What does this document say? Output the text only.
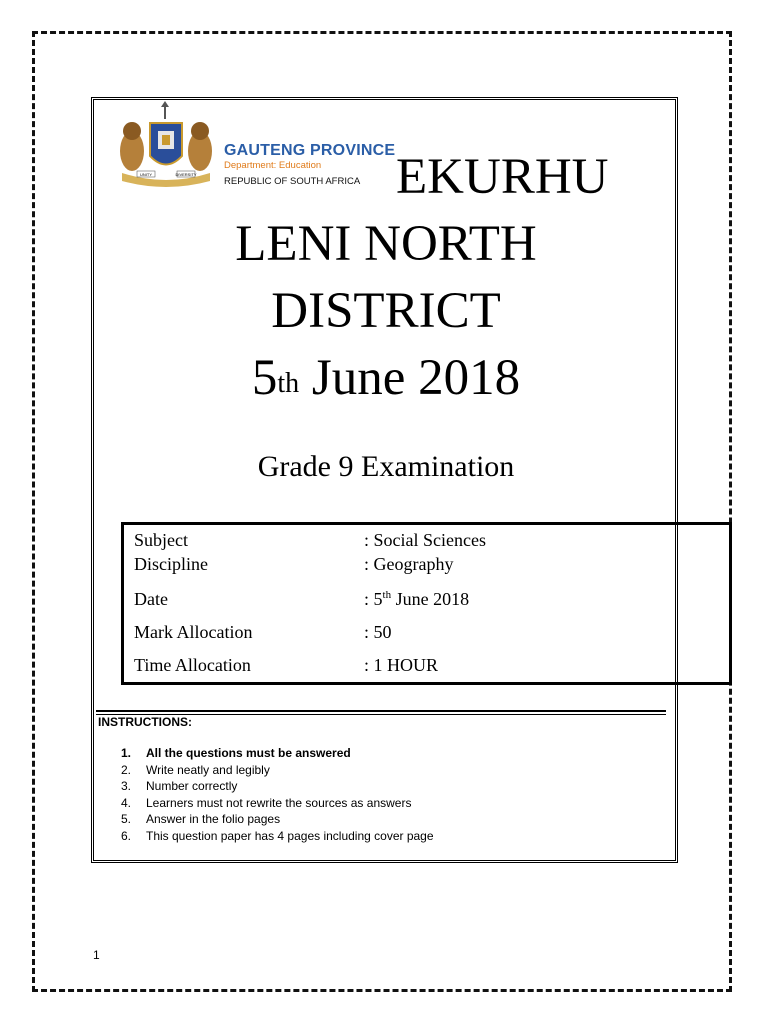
UNITY	DIVERSITY
GAUTENG PROVINCE
Department: Education
REPUBLIC OF SOUTH AFRICA EKURHU
LENI NORTH
DISTRICT
5th June 2018
Grade 9 Examination
Subject	: Social Sciences
Discipline	: Geography
Date	: 5th June 2018
Mark Allocation	: 50
Time Allocation	: 1 HOUR
INSTRUCTIONS:
1. All the questions must be answered
2. Write neatly and legibly
3. Number correctly
4. Learners must not rewrite the sources as answers
5. Answer in the folio pages
6. This question paper has 4 pages including cover page
1
